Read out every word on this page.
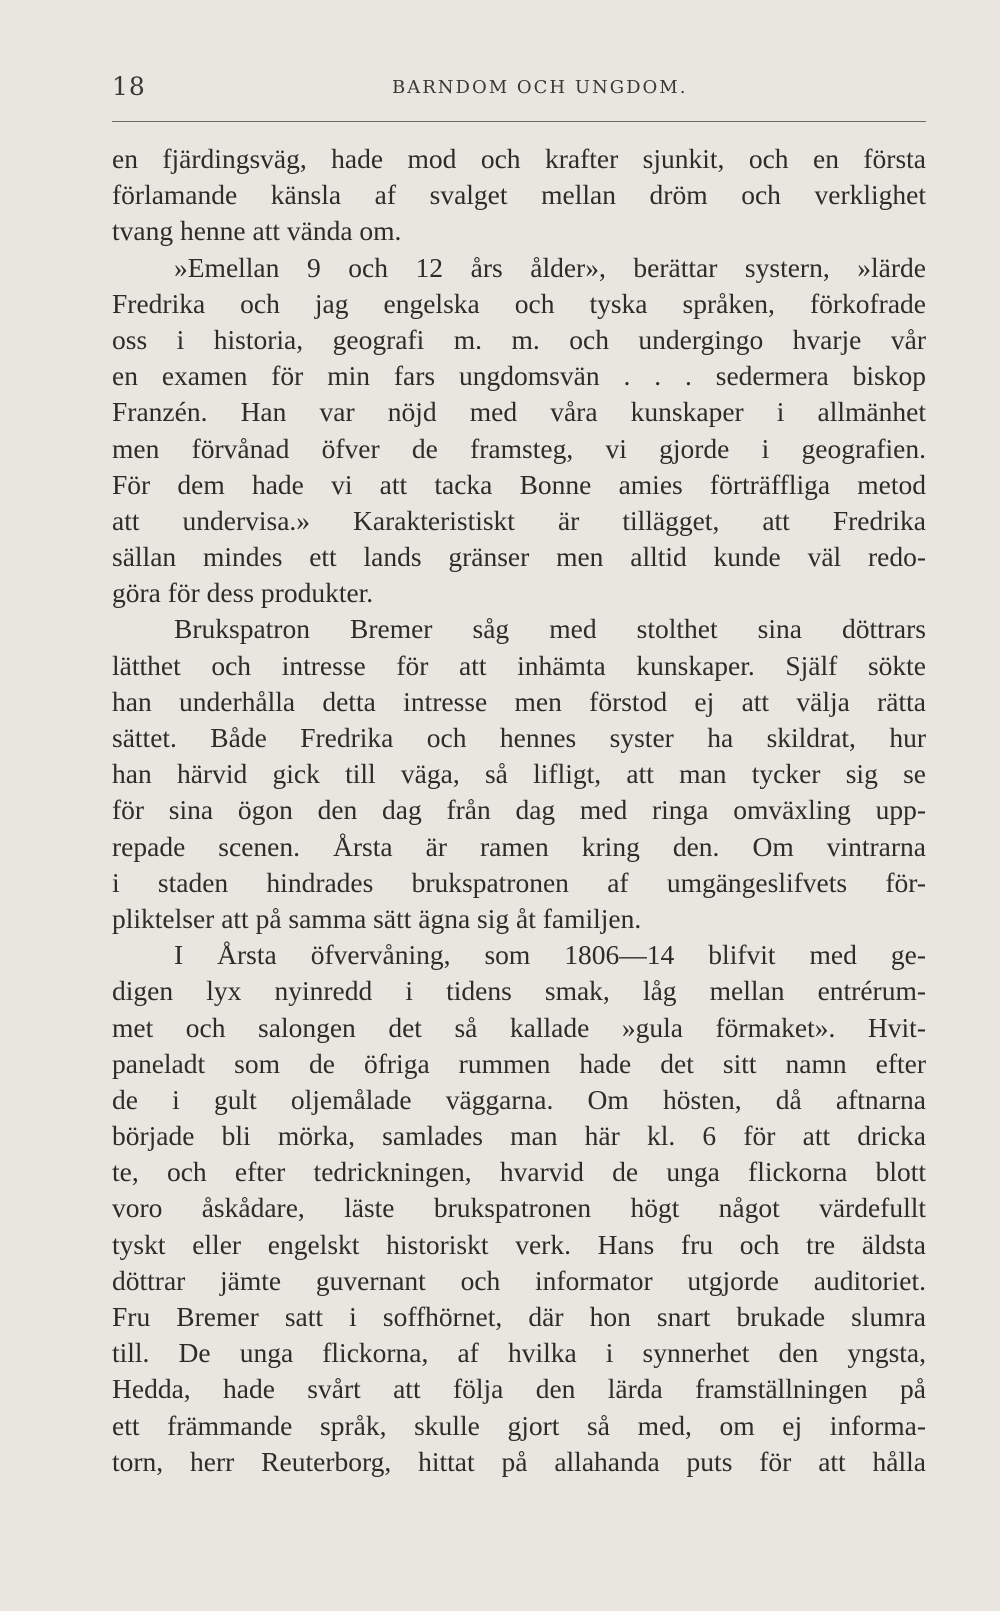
18	BARNDOM OCH UNGDOM.
en fjärdingsväg, hade mod och krafter sjunkit, och en första
förlamande känsla af svalget mellan dröm och verklighet
tvang henne att vända om.
»Emellan 9 och 12 års ålder», berättar systern, »lärde
Fredrika och jag engelska och tyska språken, förkofrade
oss i historia, geografi m. m. och undergingo hvarje vår
en examen för min fars ungdomsvän . . . sedermera biskop
Franzén. Han var nöjd med våra kunskaper i allmänhet
men förvånad öfver de framsteg, vi gjorde i geografien.
För dem hade vi att tacka Bonne amies förträffliga metod
att undervisa.» Karakteristiskt är tillägget, att Fredrika
sällan mindes ett lands gränser men alltid kunde väl redo-
göra för dess produkter.
Brukspatron Bremer såg med stolthet sina döttrars
lätthet och intresse för att inhämta kunskaper. Själf sökte
han underhålla detta intresse men förstod ej att välja rätta
sättet. Både Fredrika och hennes syster ha skildrat, hur
han härvid gick till väga, så lifligt, att man tycker sig se
för sina ögon den dag från dag med ringa omväxling upp-
repade scenen. Årsta är ramen kring den. Om vintrarna
i staden hindrades brukspatronen af umgängeslifvets för-
pliktelser att på samma sätt ägna sig åt familjen.
I Årsta öfvervåning, som 1806—14 blifvit med ge-
digen lyx nyinredd i tidens smak, låg mellan entrérum-
met och salongen det så kallade »gula förmaket». Hvit-
paneladt som de öfriga rummen hade det sitt namn efter
de i gult oljemålade väggarna. Om hösten, då aftnarna
började bli mörka, samlades man här kl. 6 för att dricka
te, och efter tedrickningen, hvarvid de unga flickorna blott
voro åskådare, läste brukspatronen högt något värdefullt
tyskt eller engelskt historiskt verk. Hans fru och tre äldsta
döttrar jämte guvernant och informator utgjorde auditoriet.
Fru Bremer satt i soffhörnet, där hon snart brukade slumra
till. De unga flickorna, af hvilka i synnerhet den yngsta,
Hedda, hade svårt att följa den lärda framställningen på
ett främmande språk, skulle gjort så med, om ej informa-
torn, herr Reuterborg, hittat på allahanda puts för att hålla
